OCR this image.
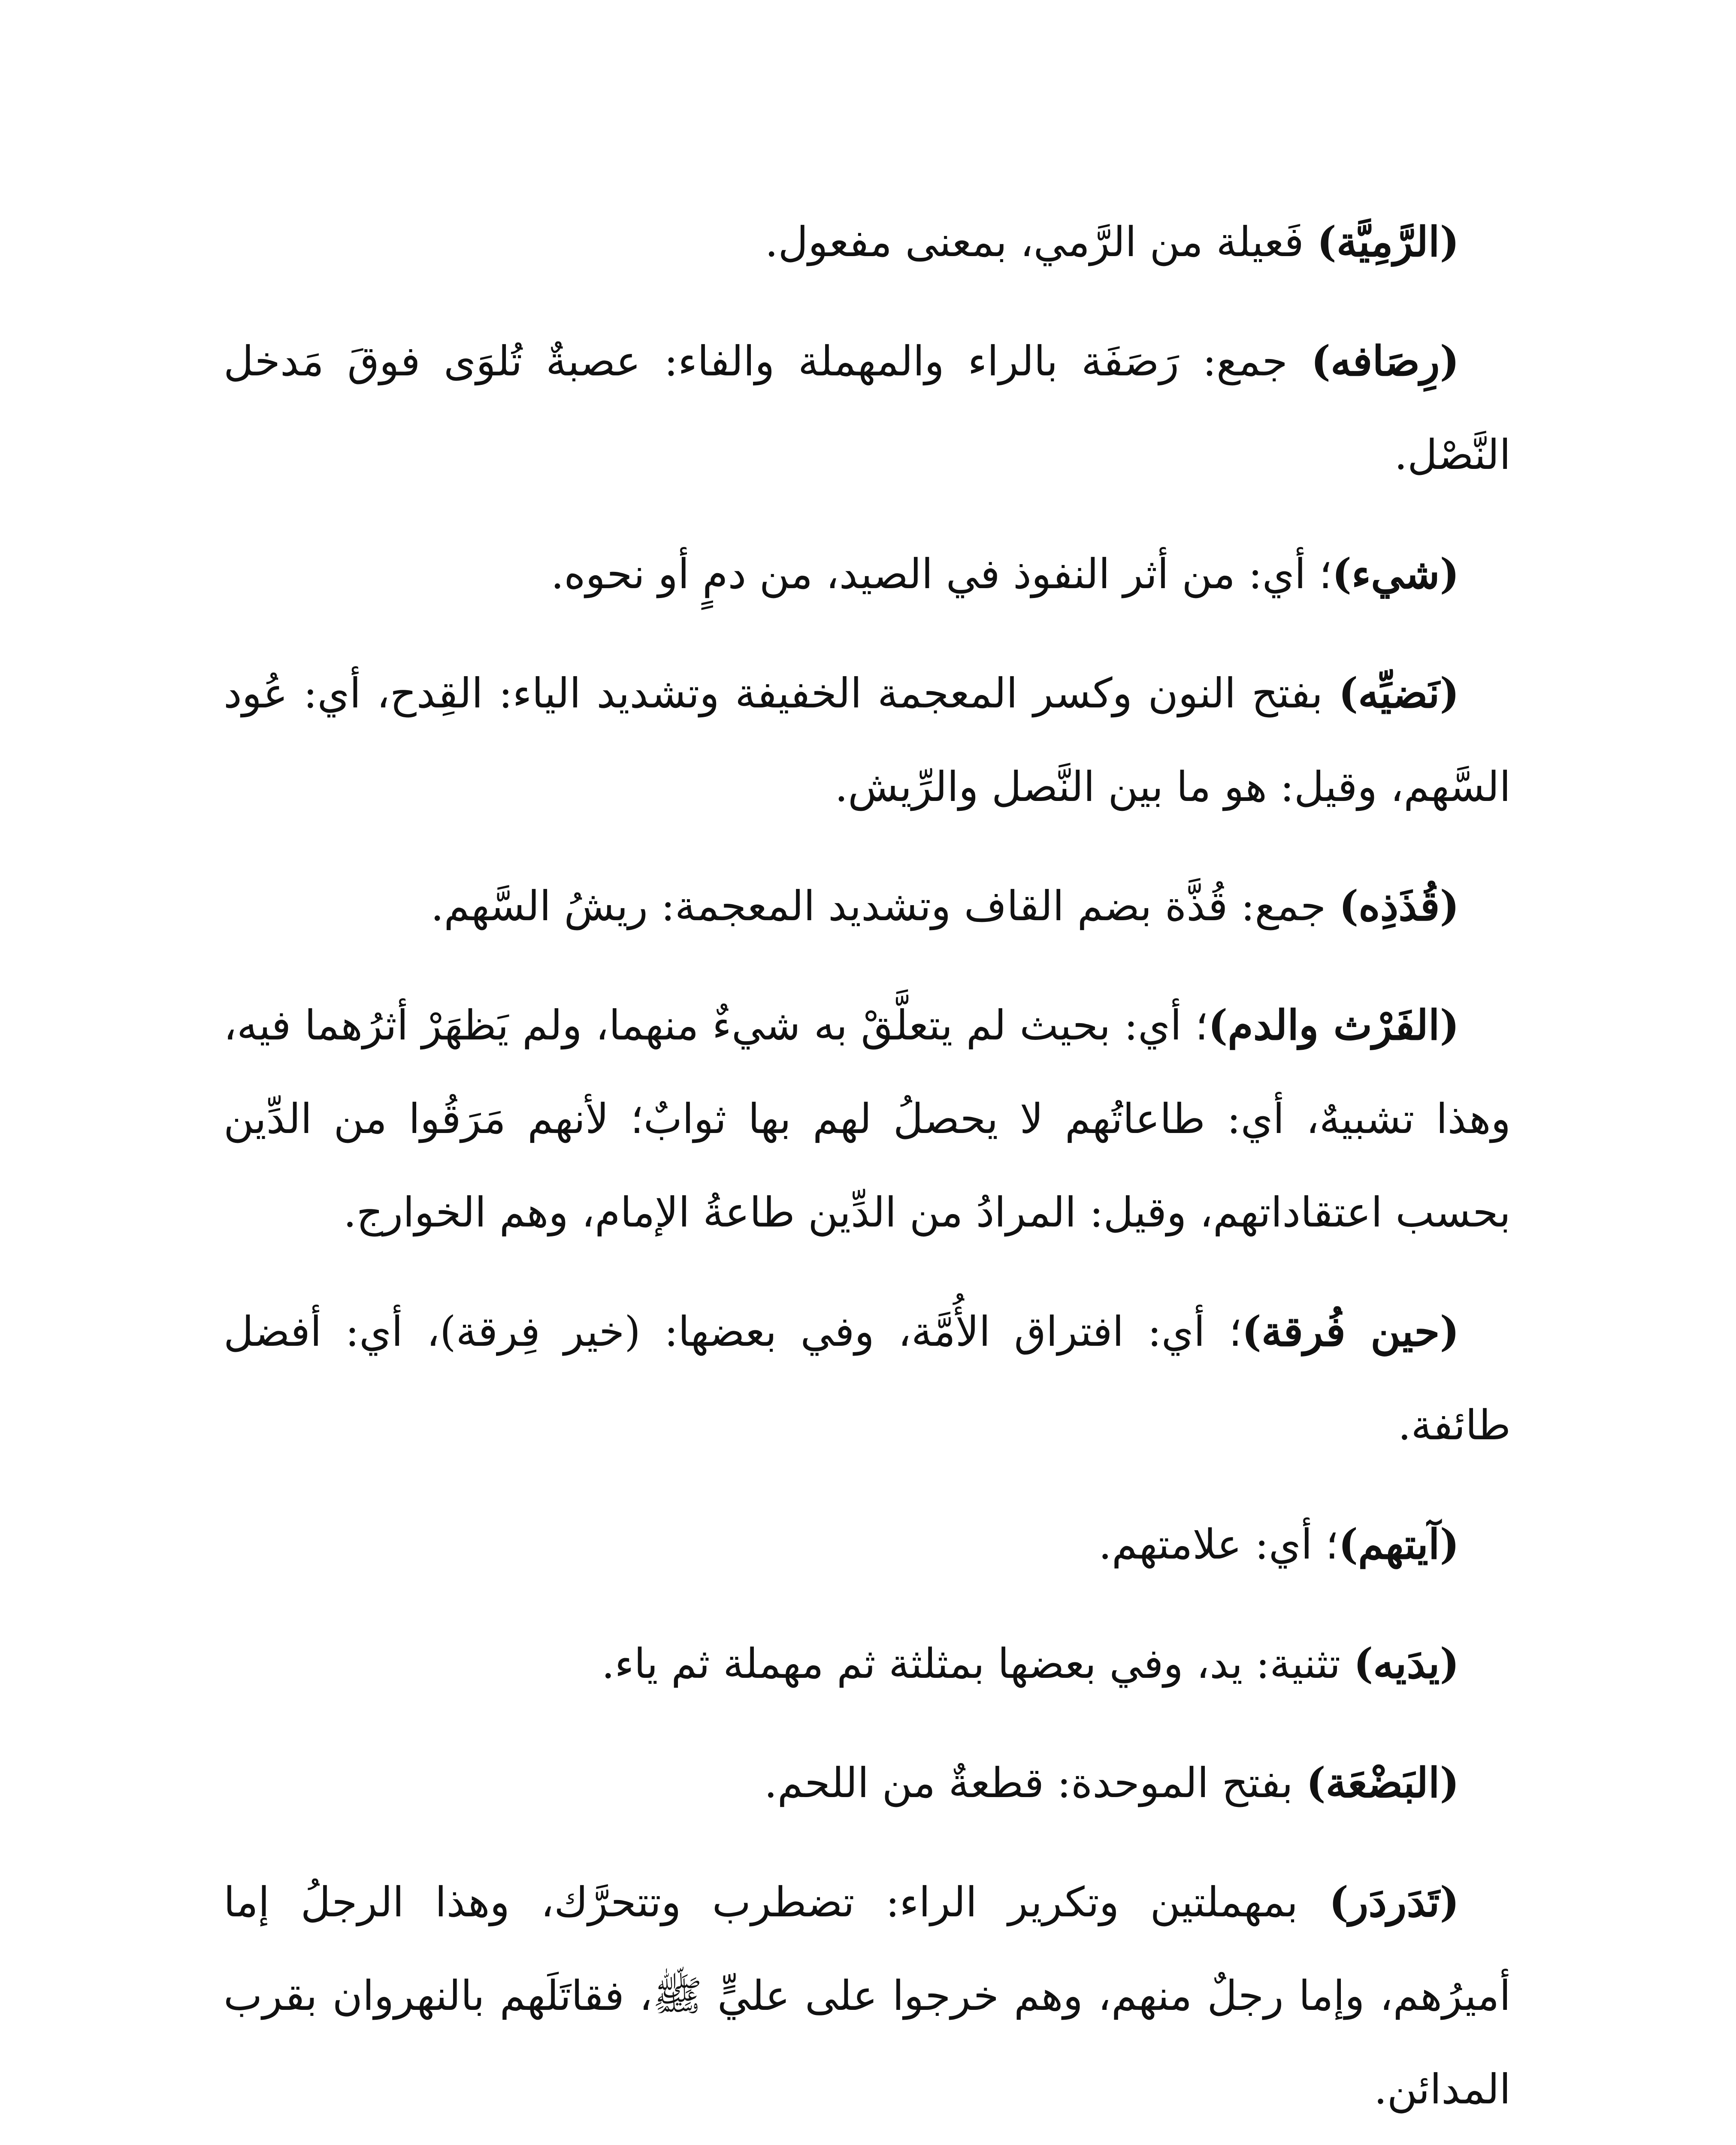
(الرَّمِيَّة) فَعيلة من الرَّمي، بمعنى مفعول.

(رِصَافه) جمع: رَصَفَة بالراء والمهملة والفاء: عصبةٌ تُلوَى فوقَ مَدخل النَّصْل.

(شيء)؛ أي: من أثر النفوذ في الصيد، من دمٍ أو نحوه.

(نَضيِّه) بفتح النون وكسر المعجمة الخفيفة وتشديد الياء: القِدح، أي: عُود السَّهم، وقيل: هو ما بين النَّصل والرِّيش.

(قُذَذِه) جمع: قُذَّة بضم القاف وتشديد المعجمة: ريشُ السَّهم.

(الفَرْث والدم)؛ أي: بحيث لم يتعلَّقْ به شيءٌ منهما، ولم يَظهَرْ أثرُهما فيه، وهذا تشبيهٌ، أي: طاعاتُهم لا يحصلُ لهم بها ثوابٌ؛ لأنهم مَرَقُوا من الدِّين بحسب اعتقاداتهم، وقيل: المرادُ من الدِّين طاعةُ الإمام، وهم الخوارج.

(حين فُرقة)؛ أي: افتراق الأُمَّة، وفي بعضها: (خير فِرقة)، أي: أفضل طائفة.

(آيتهم)؛ أي: علامتهم.

(يدَيه) تثنية: يد، وفي بعضها بمثلثة ثم مهملة ثم ياء.

(البَضْعَة) بفتح الموحدة: قطعةٌ من اللحم.

(تَدَردَر) بمهملتين وتكرير الراء: تضطرب وتتحرَّك، وهذا الرجلُ إما أميرُهم، وإما رجلٌ منهم، وهم خرجوا على عليٍّ ﷺ، فقاتَلَهم بالنهروان بقرب المدائن.
